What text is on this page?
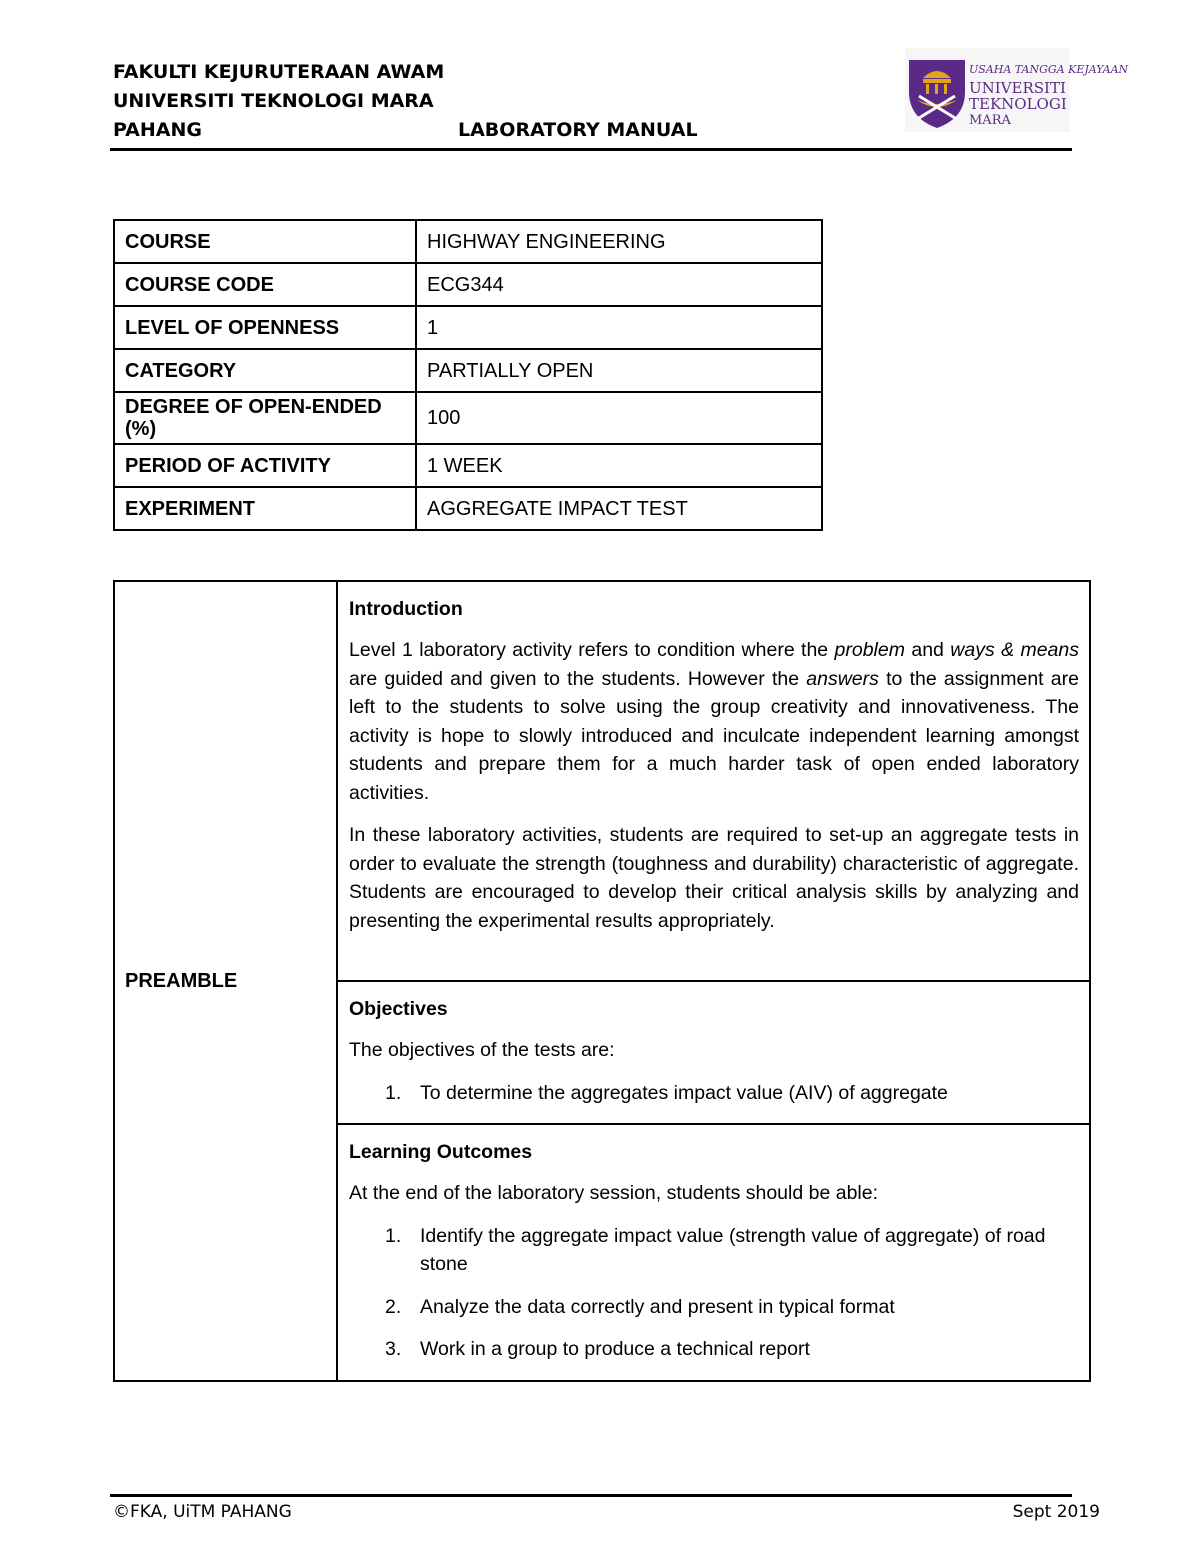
FAKULTI KEJURUTERAAN AWAM
UNIVERSITI TEKNOLOGI MARA
PAHANG	LABORATORY MANUAL
USAHA TANGGA KEJAYAAN
UNIVERSITI
TEKNOLOGI
MARA
COURSE	HIGHWAY ENGINEERING
COURSE CODE	ECG344
LEVEL OF OPENNESS	1
CATEGORY	PARTIALLY OPEN
DEGREE OF OPEN-ENDED (%)	100
PERIOD OF ACTIVITY	1 WEEK
EXPERIMENT	AGGREGATE IMPACT TEST
PREAMBLE	
Introduction

Level 1 laboratory activity refers to condition where the problem and ways & means are guided and given to the students. However the answers to the assignment are left to the students to solve using the group creativity and innovativeness. The activity is hope to slowly introduced and inculcate independent learning amongst students and prepare them for a much harder task of open ended laboratory activities.

In these laboratory activities, students are required to set-up an aggregate tests in order to evaluate the strength (toughness and durability) characteristic of aggregate. Students are encouraged to develop their critical analysis skills by analyzing and presenting the experimental results appropriately.

Objectives

The objectives of the tests are:

1. To determine the aggregates impact value (AIV) of aggregate

Learning Outcomes

At the end of the laboratory session, students should be able:

1. Identify the aggregate impact value (strength value of aggregate) of road stone
2. Analyze the data correctly and present in typical format
3. Work in a group to produce a technical report
©FKA, UiTM PAHANG	Sept 2019
